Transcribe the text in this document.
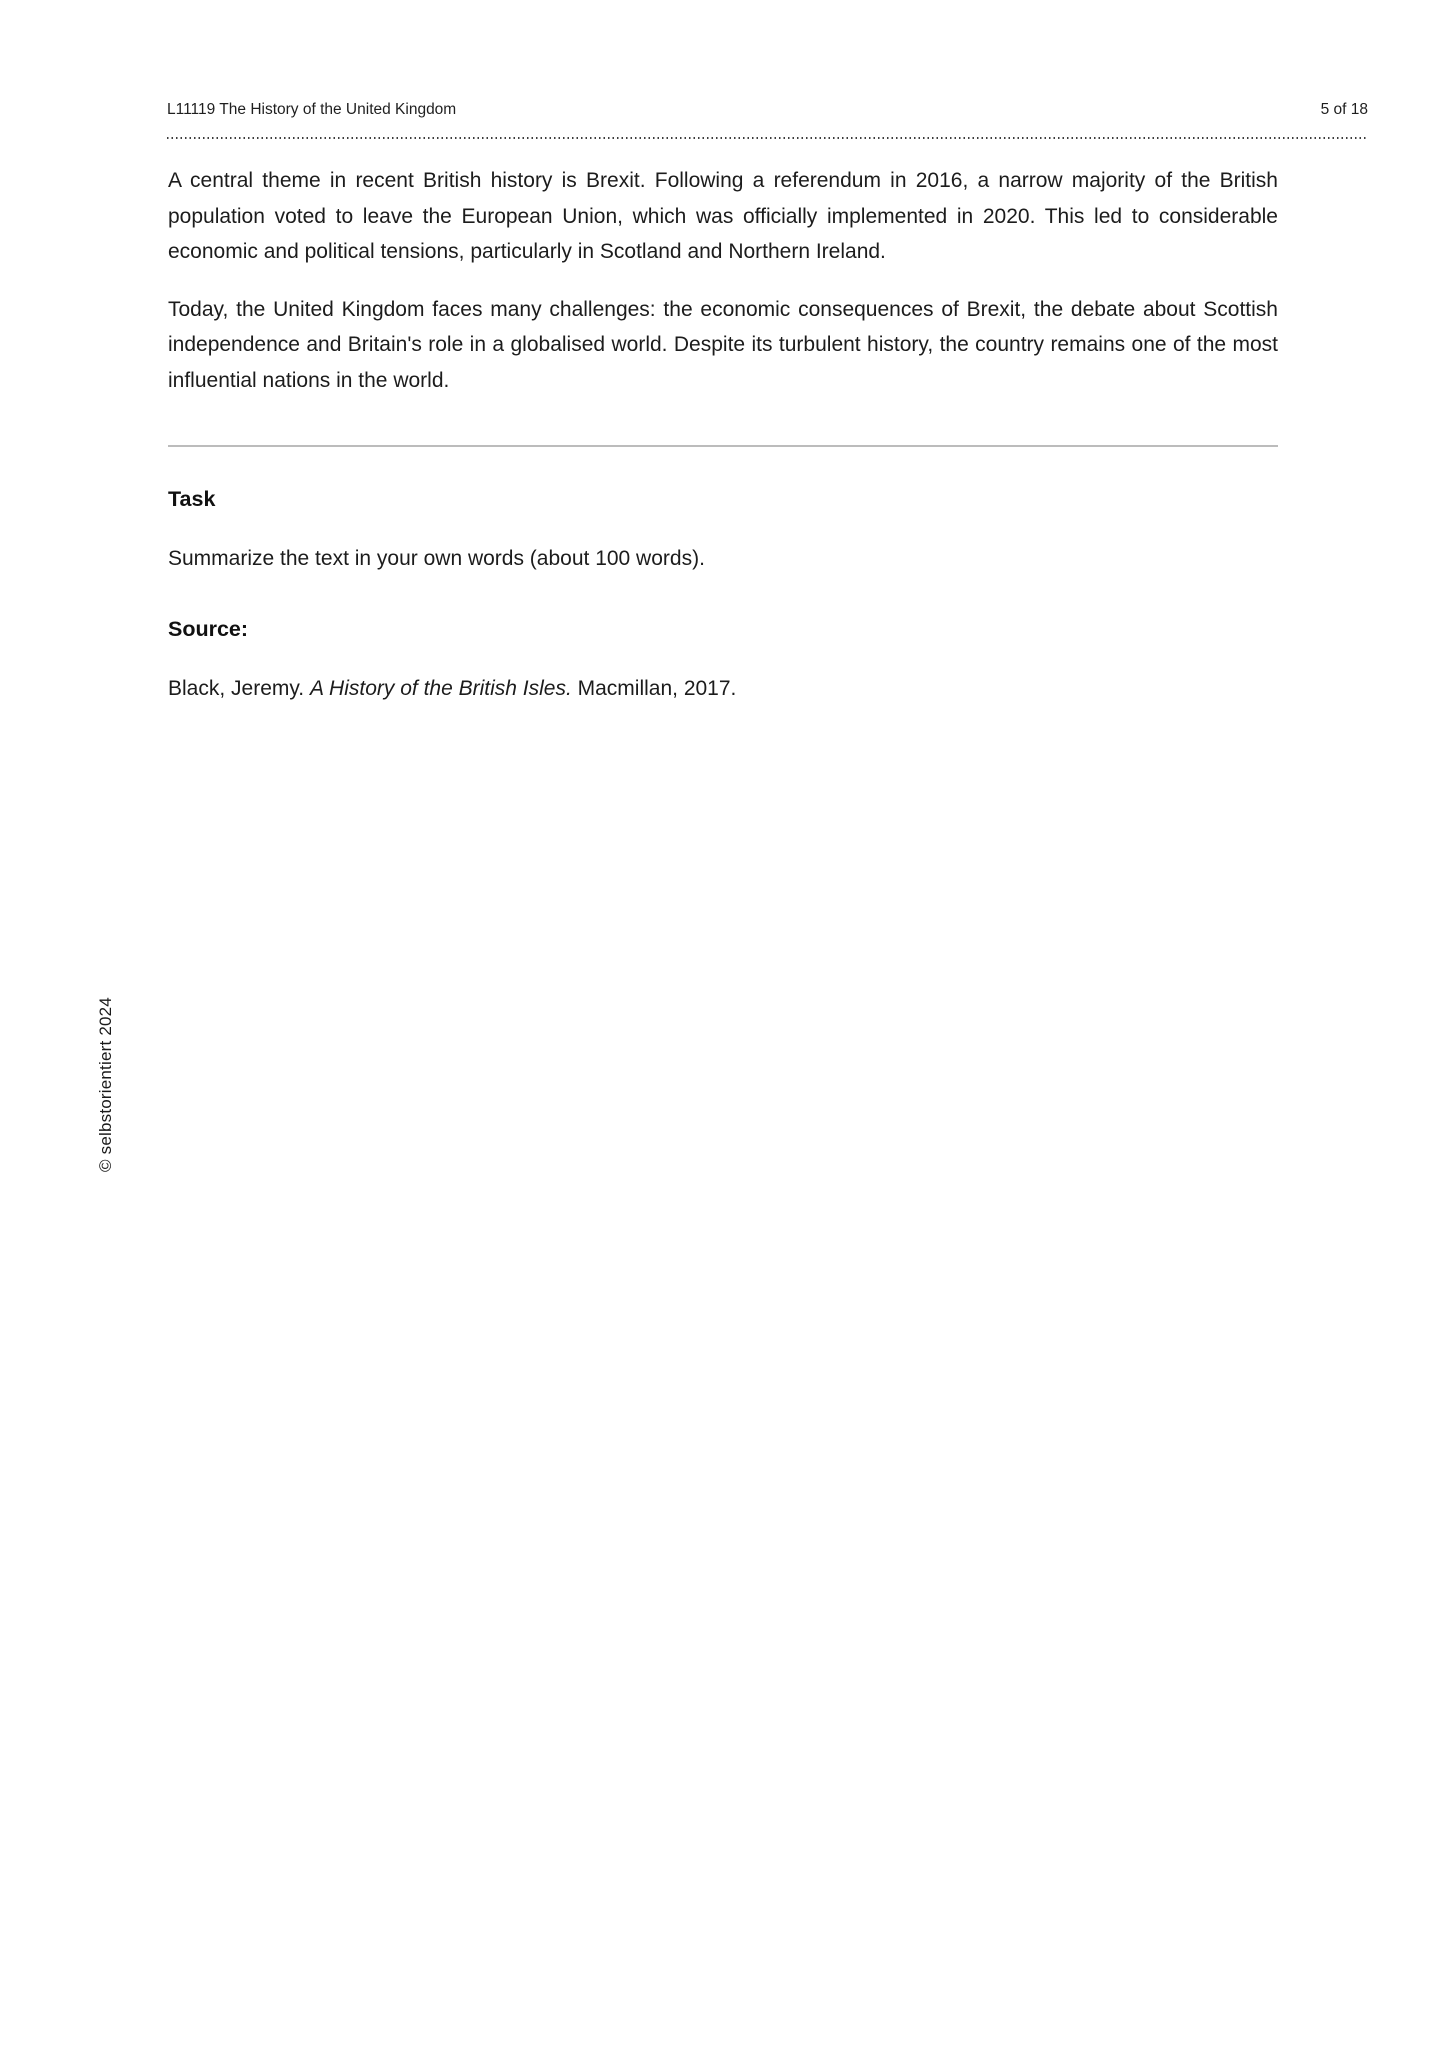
L11119 The History of the United Kingdom	5 of 18
© selbstorientiert 2024

A central theme in recent British history is Brexit. Following a referendum in 2016, a narrow majority of the British population voted to leave the European Union, which was officially implemented in 2020. This led to considerable economic and political tensions, particularly in Scotland and Northern Ireland.

Today, the United Kingdom faces many challenges: the economic consequences of Brexit, the debate about Scottish independence and Britain's role in a globalised world. Despite its turbulent history, the country remains one of the most influential nations in the world.

Task

Summarize the text in your own words (about 100 words).

Source:

Black, Jeremy. A History of the British Isles. Macmillan, 2017.
